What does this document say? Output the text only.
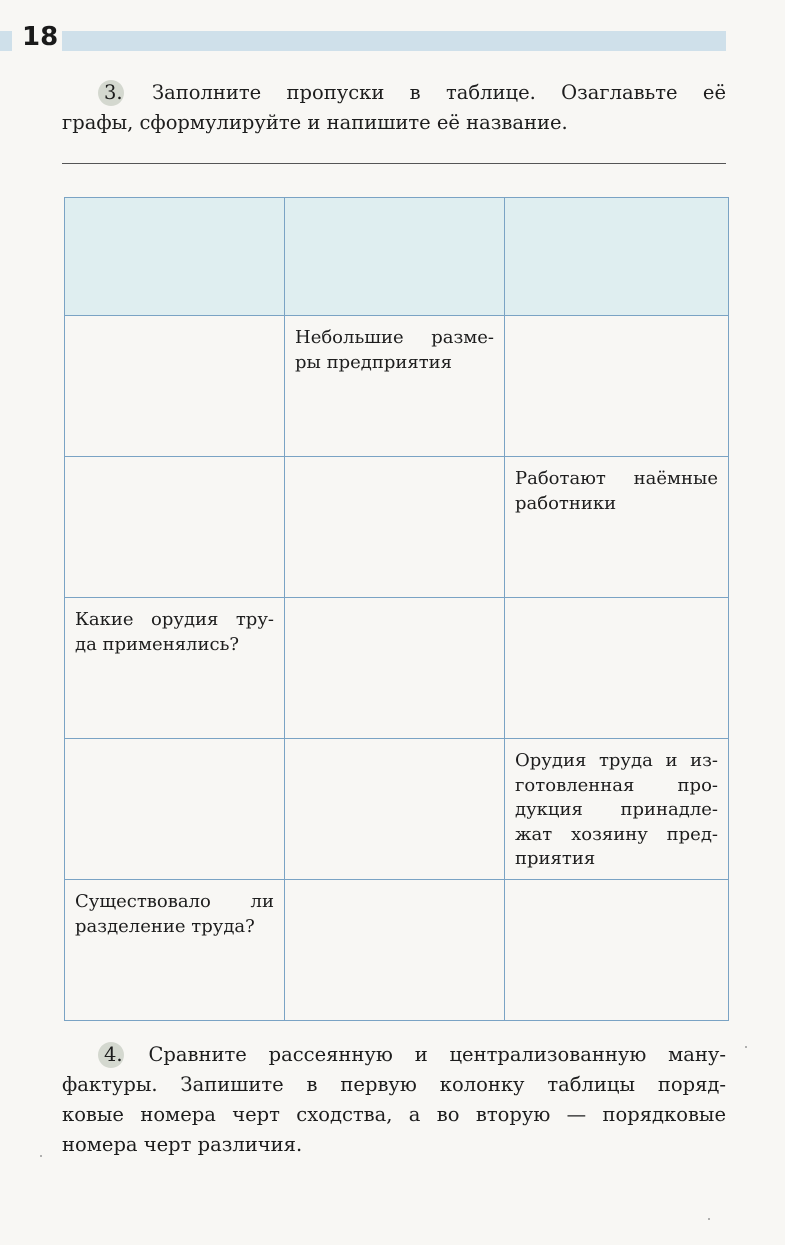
18
3. Заполните пропуски в таблице. Озаглавьте её
графы, сформулируйте и напишите её название.

	Небольшие разме-
ры предприятия	

		Работают наёмные
работники

Какие орудия тру-
да применялись?		

		Орудия труда и из-
готовленная про-
дукция принадле-
жат хозяину пред-
приятия

Существовало ли
разделение труда?		

4. Сравните рассеянную и централизованную ману-
фактуры. Запишите в первую колонку таблицы поряд-
ковые номера черт сходства, а во вторую — порядковые
номера черт различия.
